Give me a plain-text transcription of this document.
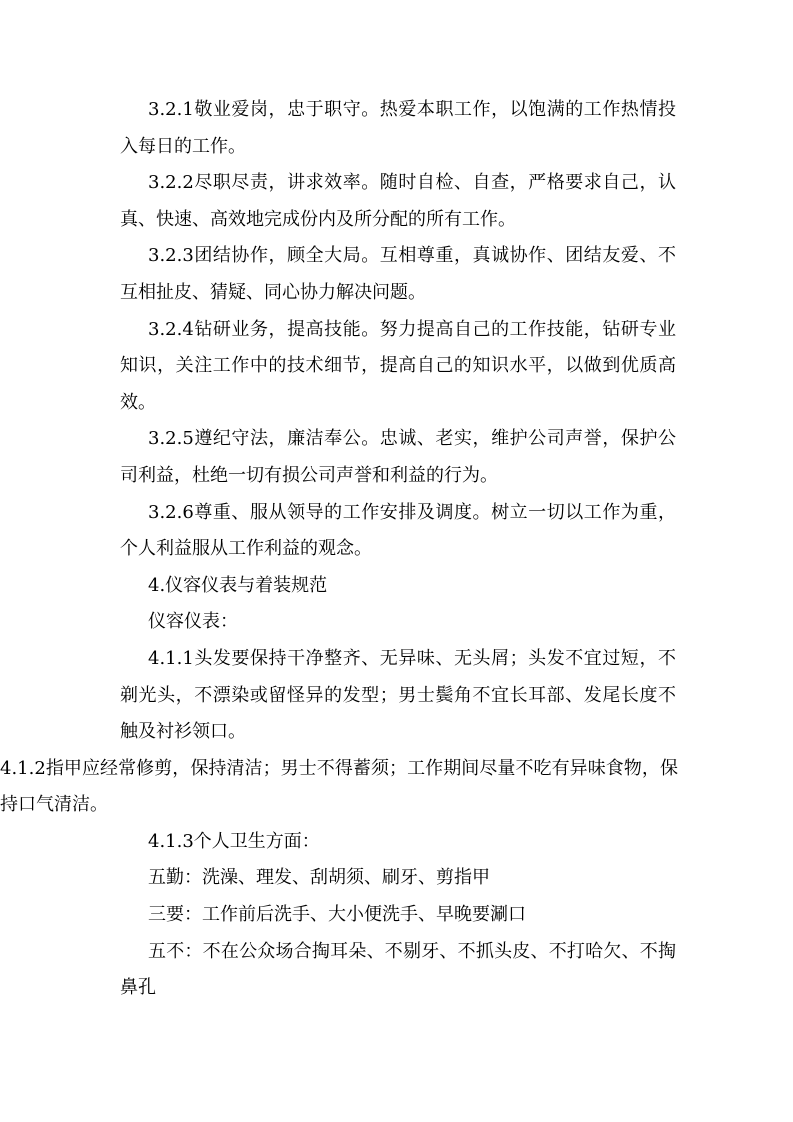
3.2.1敬业爱岗，忠于职守。热爱本职工作，以饱满的工作热情投入每日的工作。

3.2.2尽职尽责，讲求效率。随时自检、自查，严格要求自己，认真、快速、高效地完成份内及所分配的所有工作。

3.2.3团结协作，顾全大局。互相尊重，真诚协作、团结友爱、不互相扯皮、猜疑、同心协力解决问题。

3.2.4钻研业务，提高技能。努力提高自己的工作技能，钻研专业知识，关注工作中的技术细节，提高自己的知识水平，以做到优质高效。

3.2.5遵纪守法，廉洁奉公。忠诚、老实，维护公司声誉，保护公司利益，杜绝一切有损公司声誉和利益的行为。

3.2.6尊重、服从领导的工作安排及调度。树立一切以工作为重，个人利益服从工作利益的观念。

4.仪容仪表与着装规范

仪容仪表：

4.1.1头发要保持干净整齐、无异味、无头屑；头发不宜过短，不剃光头，不漂染或留怪异的发型；男士鬓角不宜长耳部、发尾长度不触及衬衫领口。

4.1.2指甲应经常修剪，保持清洁；男士不得蓄须；工作期间尽量不吃有异味食物，保持口气清洁。

4.1.3个人卫生方面：

五勤：洗澡、理发、刮胡须、刷牙、剪指甲

三要：工作前后洗手、大小便洗手、早晚要涮口

五不：不在公众场合掏耳朵、不剔牙、不抓头皮、不打哈欠、不掏鼻孔
